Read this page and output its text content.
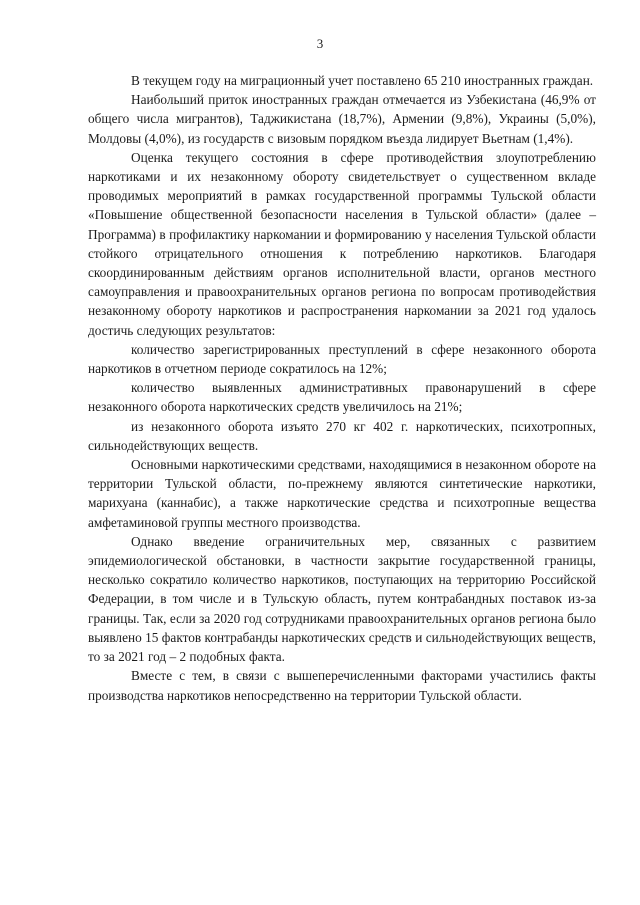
3

В текущем году на миграционный учет поставлено 65 210 иностранных граждан.

Наибольший приток иностранных граждан отмечается из Узбекистана (46,9% от общего числа мигрантов), Таджикистана (18,7%), Армении (9,8%), Украины (5,0%), Молдовы (4,0%), из государств с визовым порядком въезда лидирует Вьетнам (1,4%).

Оценка текущего состояния в сфере противодействия злоупотреблению наркотиками и их незаконному обороту свидетельствует о существенном вкладе проводимых мероприятий в рамках государственной программы Тульской области «Повышение общественной безопасности населения в Тульской области» (далее – Программа) в профилактику наркомании и формированию у населения Тульской области стойкого отрицательного отношения к потреблению наркотиков. Благодаря скоординированным действиям органов исполнительной власти, органов местного самоуправления и правоохранительных органов региона по вопросам противодействия незаконному обороту наркотиков и распространения наркомании за 2021 год удалось достичь следующих результатов:

количество зарегистрированных преступлений в сфере незаконного оборота наркотиков в отчетном периоде сократилось на 12%;

количество выявленных административных правонарушений в сфере незаконного оборота наркотических средств увеличилось на 21%;

из незаконного оборота изъято 270 кг 402 г. наркотических, психотропных, сильнодействующих веществ.

Основными наркотическими средствами, находящимися в незаконном обороте на территории Тульской области, по-прежнему являются синтетические наркотики, марихуана (каннабис), а также наркотические средства и психотропные вещества амфетаминовой группы местного производства.

Однако введение ограничительных мер, связанных с развитием эпидемиологической обстановки, в частности закрытие государственной границы, несколько сократило количество наркотиков, поступающих на территорию Российской Федерации, в том числе и в Тульскую область, путем контрабандных поставок из-за границы. Так, если за 2020 год сотрудниками правоохранительных органов региона было выявлено 15 фактов контрабанды наркотических средств и сильнодействующих веществ, то за 2021 год – 2 подобных факта.

Вместе с тем, в связи с вышеперечисленными факторами участились факты производства наркотиков непосредственно на территории Тульской области.
